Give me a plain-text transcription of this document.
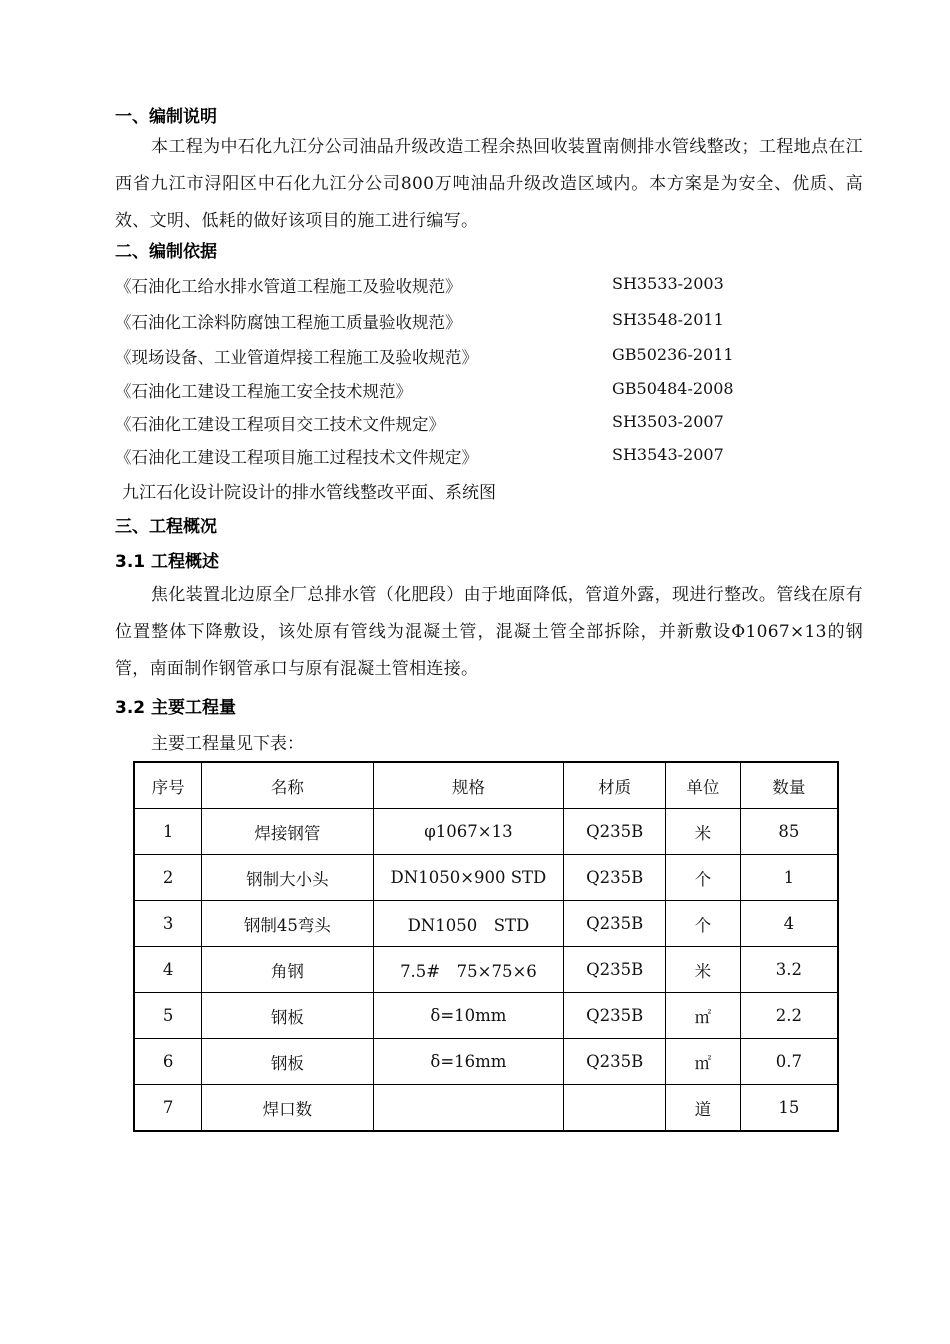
一、编制说明

本工程为中石化九江分公司油品升级改造工程余热回收装置南侧排水管线整改；工程地点在江西省九江市浔阳区中石化九江分公司800万吨油品升级改造区域内。本方案是为安全、优质、高效、文明、低耗的做好该项目的施工进行编写。

二、编制依据
《石油化工给水排水管道工程施工及验收规范》	SH3533-2003
《石油化工涂料防腐蚀工程施工质量验收规范》	SH3548-2011
《现场设备、工业管道焊接工程施工及验收规范》	GB50236-2011
《石油化工建设工程施工安全技术规范》	GB50484-2008
《石油化工建设工程项目交工技术文件规定》	SH3503-2007
《石油化工建设工程项目施工过程技术文件规定》	SH3543-2007
九江石化设计院设计的排水管线整改平面、系统图
三、工程概况
3.1 工程概述

焦化装置北边原全厂总排水管（化肥段）由于地面降低，管道外露，现进行整改。管线在原有位置整体下降敷设，该处原有管线为混凝土管，混凝土管全部拆除，并新敷设Φ1067×13的钢管，南面制作钢管承口与原有混凝土管相连接。

3.2 主要工程量
主要工程量见下表：
序号	名称	规格	材质	单位	数量
1	焊接钢管	φ1067×13	Q235B	米	85
2	钢制大小头	DN1050×900 STD	Q235B	个	1
3	钢制45弯头	DN1050　STD	Q235B	个	4
4	角钢	7.5#　75×75×6	Q235B	米	3.2
5	钢板	δ=10mm	Q235B	㎡	2.2
6	钢板	δ=16mm	Q235B	㎡	0.7
7	焊口数			道	15
